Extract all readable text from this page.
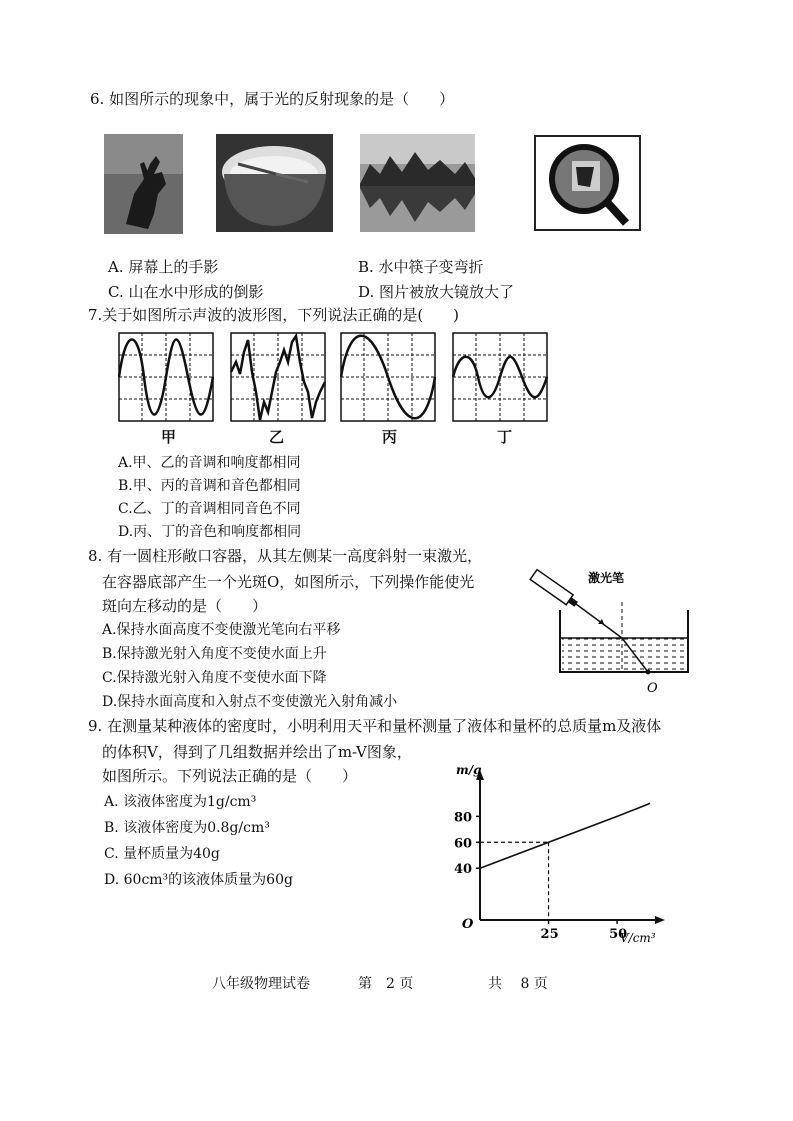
6. 如图所示的现象中，属于光的反射现象的是（　　）
A. 屏幕上的手影	B. 水中筷子变弯折
C. 山在水中形成的倒影	D. 图片被放大镜放大了
7.关于如图所示声波的波形图，下列说法正确的是(　　)
甲	乙	丙	丁
A.甲、乙的音调和响度都相同
B.甲、丙的音调和音色都相同
C.乙、丁的音调相同音色不同
D.丙、丁的音色和响度都相同
8. 有一圆柱形敞口容器，从其左侧某一高度斜射一束激光，
在容器底部产生一个光斑O，如图所示，下列操作能使光
斑向左移动的是（　　）
A.保持水面高度不变使激光笔向右平移
B.保持激光射入角度不变使水面上升
C.保持激光射入角度不变使水面下降
D.保持水面高度和入射点不变使激光入射角减小
激光笔
O
9. 在测量某种液体的密度时，小明利用天平和量杯测量了液体和量杯的总质量m及液体
的体积V，得到了几组数据并绘出了m-V图象，
如图所示。下列说法正确的是（　　）
A. 该液体密度为1g/cm³
B. 该液体密度为0.8g/cm³
C. 量杯质量为40g
D. 60cm³的该液体质量为60g
m/g
V/cm³
O
40
60
80
25	50
八年级物理试卷	第　2 页	共　 8 页
